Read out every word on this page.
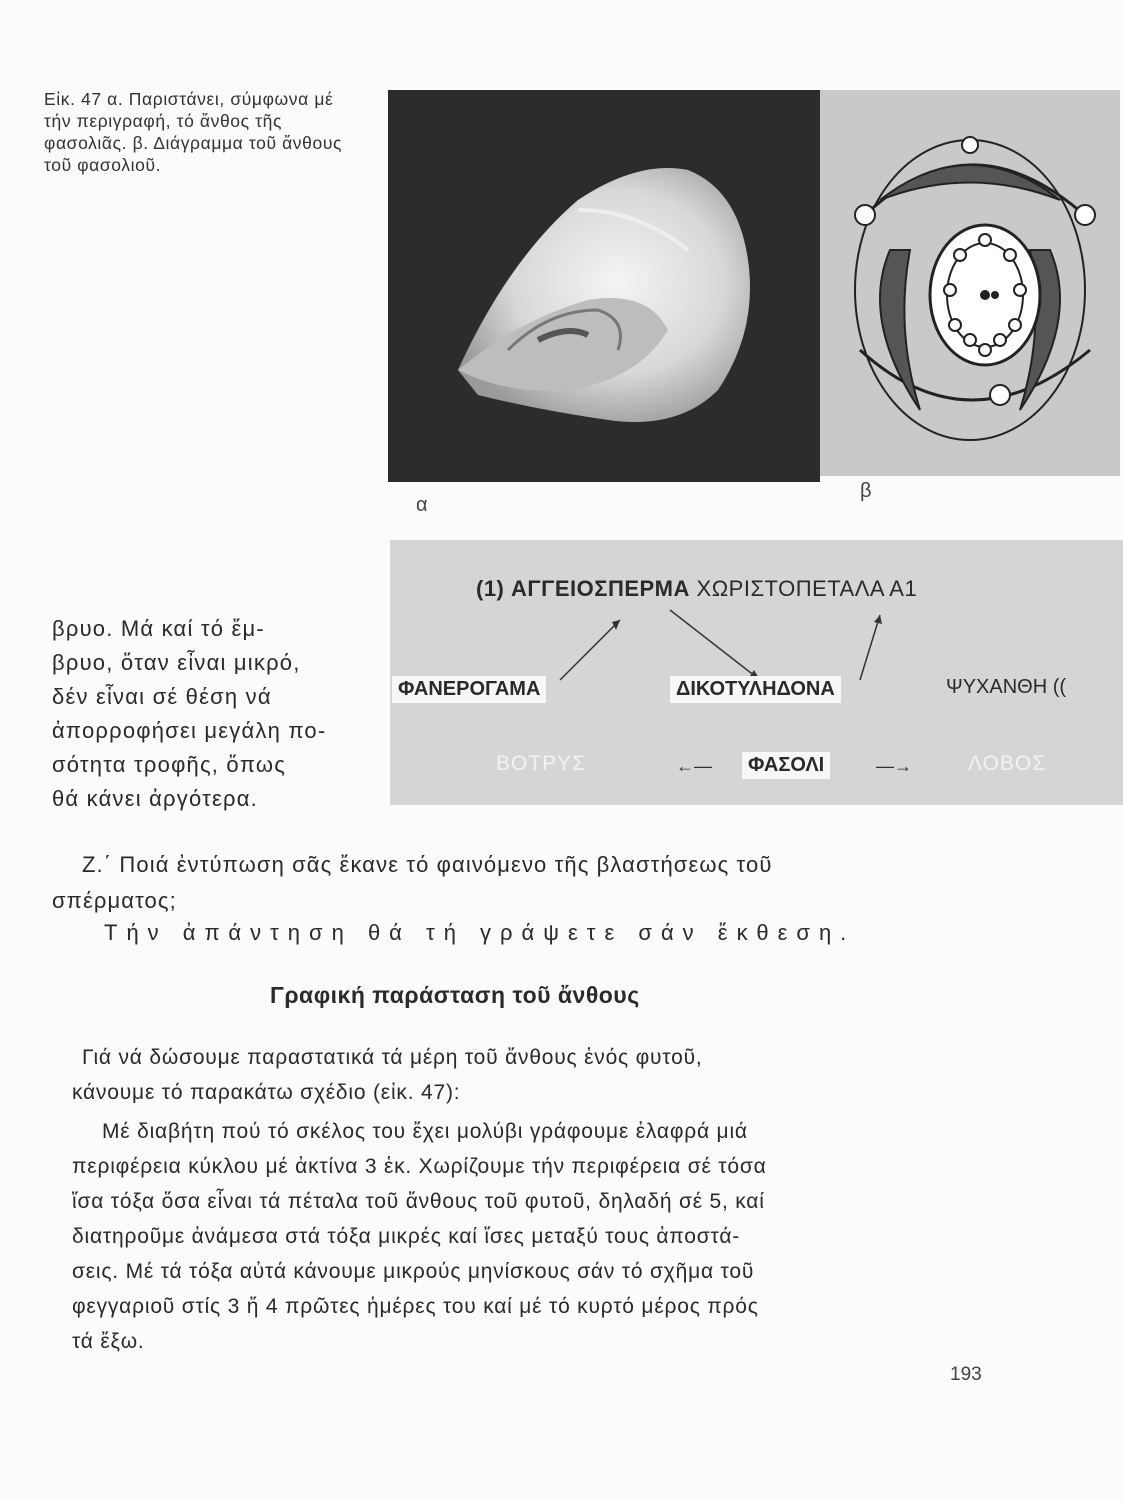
Εἰκ. 47 α. Παριστάνει, σύμφωνα μέ τήν περιγραφή, τό ἄνθος τῆς φασολιᾶς. β. Διάγραμμα τοῦ ἄνθους τοῦ φασολιοῦ.
α
β
(1) ΑΓΓΕΙΟΣΠΕΡΜΑ ΧΩΡΙΣΤΟΠΕΤΑΛΑ Α1
ΦΑΝΕΡΟΓΑΜΑ	ΔΙΚΟΤΥΛΗΔΟΝΑ	ΨΥΧΑΝΘΗ ((
ΒΟΤΡΥΣ	←—	ΦΑΣΟΛΙ	—→	ΛΟΒΟΣ
βρυο. Μά καί τό ἔμ-
βρυο, ὅταν εἶναι μικρό,
δέν εἶναι σέ θέση νά
ἀπορροφήσει μεγάλη πο-
σότητα τροφῆς, ὅπως
θά κάνει ἀργότερα.
Ζ.΄ Ποιά ἐντύπωση σᾶς ἔκανε τό φαινόμενο τῆς βλαστήσεως τοῦ
σπέρματος;
Τήν ἀπάντηση θά τή γράψετε σάν ἔκθεση.
Γραφική παράσταση τοῦ ἄνθους
Γιά νά δώσουμε παραστατικά τά μέρη τοῦ ἄνθους ἑνός φυτοῦ,
κάνουμε τό παρακάτω σχέδιο (εἰκ. 47):
Μέ διαβήτη πού τό σκέλος του ἔχει μολύβι γράφουμε ἐλαφρά μιά
περιφέρεια κύκλου μέ ἀκτίνα 3 ἑκ. Χωρίζουμε τήν περιφέρεια σέ τόσα
ἴσα τόξα ὅσα εἶναι τά πέταλα τοῦ ἄνθους τοῦ φυτοῦ, δηλαδή σέ 5, καί
διατηροῦμε ἀνάμεσα στά τόξα μικρές καί ἴσες μεταξύ τους ἀποστά-
σεις. Μέ τά τόξα αὐτά κάνουμε μικρούς μηνίσκους σάν τό σχῆμα τοῦ
φεγγαριοῦ στίς 3 ἤ 4 πρῶτες ἡμέρες του καί μέ τό κυρτό μέρος πρός
τά ἔξω.
193
